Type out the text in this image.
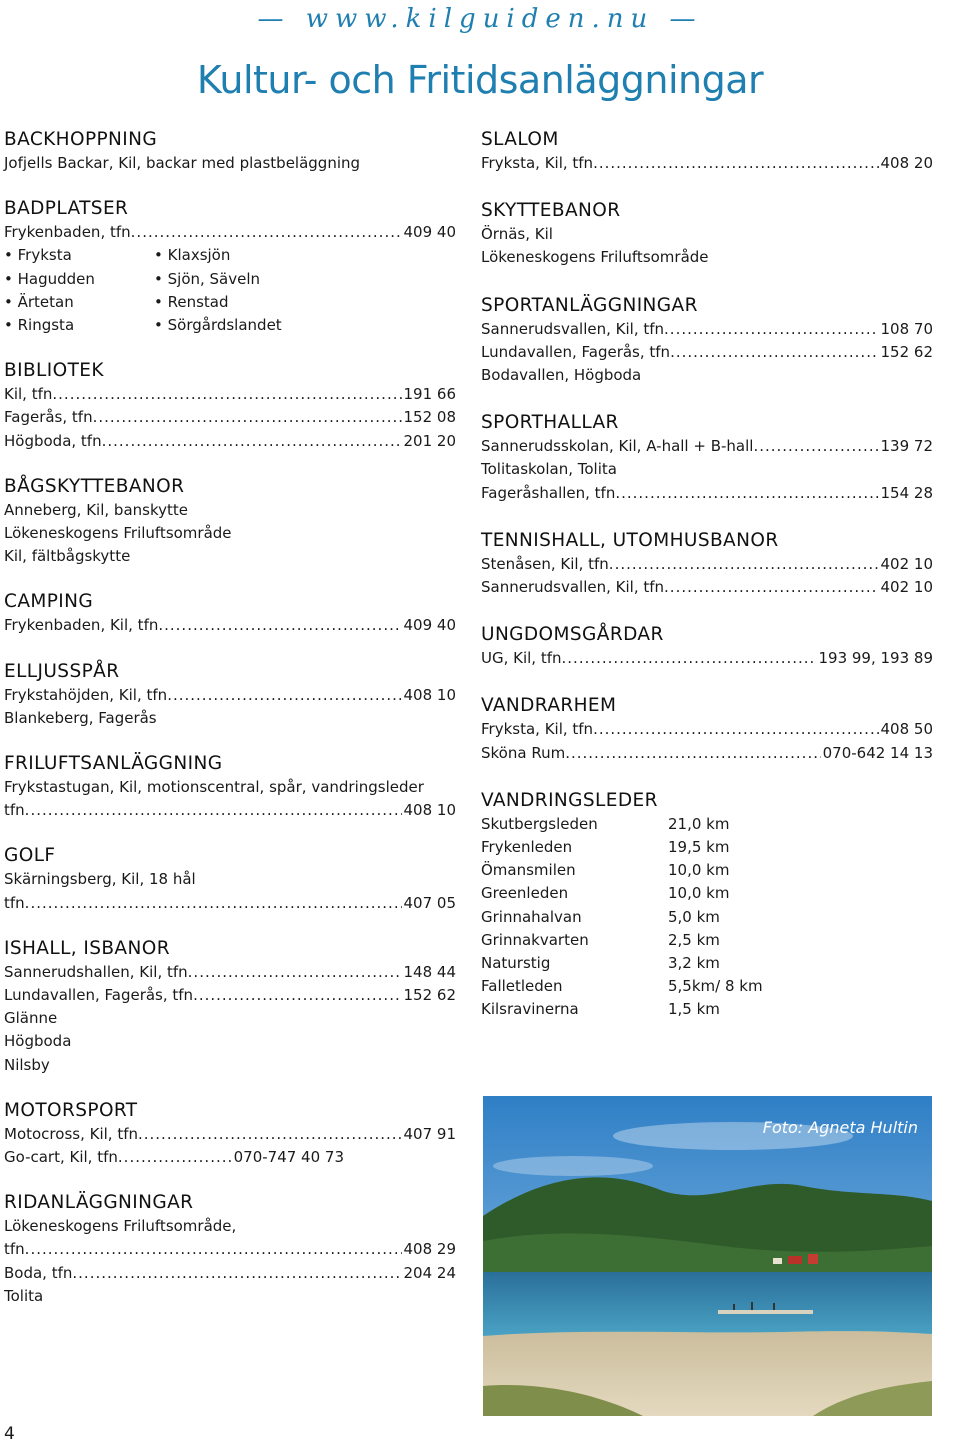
— www.kilguiden.nu —
Kultur- och Fritidsanläggningar
BACKHOPPNING
Jofjells Backar, Kil, backar med plastbeläggning
BADPLATSER
Frykenbaden, tfn .....	409 40
• Fryksta	• Klaxsjön
• Hagudden	• Sjön, Säveln
• Ärtetan	• Renstad
• Ringsta	• Sörgårdslandet
BIBLIOTEK
Kil, tfn .....	191 66
Fagerås, tfn .....	152 08
Högboda, tfn .....	201 20
BÅGSKYTTEBANOR
Anneberg, Kil, banskytte
Lökeneskogens Friluftsområde
Kil, fältbågskytte
CAMPING
Frykenbaden, Kil, tfn .....	409 40
ELLJUSSPÅR
Frykstahöjden, Kil, tfn .....	408 10
Blankeberg, Fagerås
FRILUFTSANLÄGGNING
Frykstastugan, Kil, motionscentral, spår, vandringsleder
tfn .....	408 10
GOLF
Skärningsberg, Kil, 18 hål
tfn .....	407 05
ISHALL, ISBANOR
Sannerudshallen, Kil, tfn .....	148 44
Lundavallen, Fagerås, tfn .....	152 62
Glänne
Högboda
Nilsby
MOTORSPORT
Motocross, Kil, tfn .....	407 91
Go-cart, Kil, tfn .....	070-747 40 73
RIDANLÄGGNINGAR
Lökeneskogens Friluftsområde,
tfn .....	408 29
Boda, tfn .....	204 24
Tolita
SLALOM
Fryksta, Kil, tfn .....	408 20
SKYTTEBANOR
Örnäs, Kil
Lökeneskogens Friluftsområde
SPORTANLÄGGNINGAR
Sannerudsvallen, Kil, tfn .....	108 70
Lundavallen, Fagerås, tfn .....	152 62
Bodavallen, Högboda
SPORTHALLAR
Sannerudsskolan, Kil, A-hall + B-hall .....	139 72
Tolitaskolan, Tolita
Fageråshallen, tfn .....	154 28
TENNISHALL, UTOMHUSBANOR
Stenåsen, Kil, tfn .....	402 10
Sannerudsvallen, Kil, tfn .....	402 10
UNGDOMSGÅRDAR
UG, Kil, tfn .....	193 99, 193 89
VANDRARHEM
Fryksta, Kil, tfn .....	408 50
Sköna Rum .....	070-642 14 13
VANDRINGSLEDER
Skutbergsleden	21,0 km
Frykenleden	19,5 km
Ömansmilen	10,0 km
Greenleden	10,0 km
Grinnahalvan	5,0 km
Grinnakvarten	2,5 km
Naturstig	3,2 km
Falletleden	5,5km/ 8 km
Kilsravinerna	1,5 km
Foto: Agneta Hultin
4
